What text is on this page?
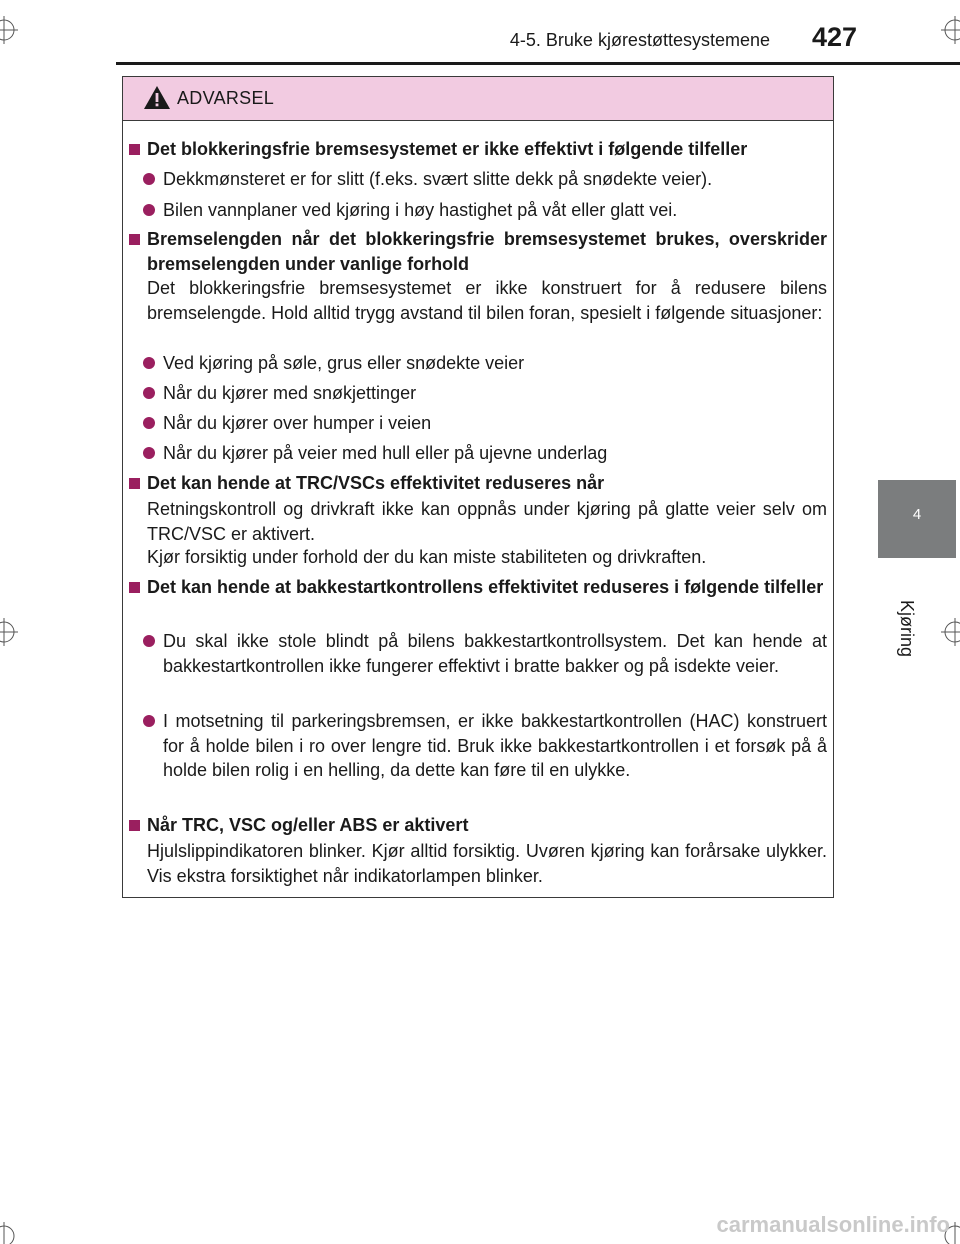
4-5. Bruke kjørestøttesystemene 427
4
Kjøring
ADVARSEL
Det blokkeringsfrie bremsesystemet er ikke effektivt i følgende tilfeller
Dekkmønsteret er for slitt (f.eks. svært slitte dekk på snødekte veier).
Bilen vannplaner ved kjøring i høy hastighet på våt eller glatt vei.
Bremselengden når det blokkeringsfrie bremsesystemet brukes, overskrider bremselengden under vanlige forhold
Det blokkeringsfrie bremsesystemet er ikke konstruert for å redusere bilens bremselengde. Hold alltid trygg avstand til bilen foran, spesielt i følgende situasjoner:
Ved kjøring på søle, grus eller snødekte veier
Når du kjører med snøkjettinger
Når du kjører over humper i veien
Når du kjører på veier med hull eller på ujevne underlag
Det kan hende at TRC/VSCs effektivitet reduseres når
Retningskontroll og drivkraft ikke kan oppnås under kjøring på glatte veier selv om TRC/VSC er aktivert.
Kjør forsiktig under forhold der du kan miste stabiliteten og drivkraften.
Det kan hende at bakkestartkontrollens effektivitet reduseres i følgende tilfeller
Du skal ikke stole blindt på bilens bakkestartkontrollsystem. Det kan hende at bakkestartkontrollen ikke fungerer effektivt i bratte bakker og på isdekte veier.
I motsetning til parkeringsbremsen, er ikke bakkestartkontrollen (HAC) konstruert for å holde bilen i ro over lengre tid. Bruk ikke bakkestartkontrollen i et forsøk på å holde bilen rolig i en helling, da dette kan føre til en ulykke.
Når TRC, VSC og/eller ABS er aktivert
Hjulslippindikatoren blinker. Kjør alltid forsiktig. Uvøren kjøring kan forårsake ulykker. Vis ekstra forsiktighet når indikatorlampen blinker.
carmanualsonline.info
